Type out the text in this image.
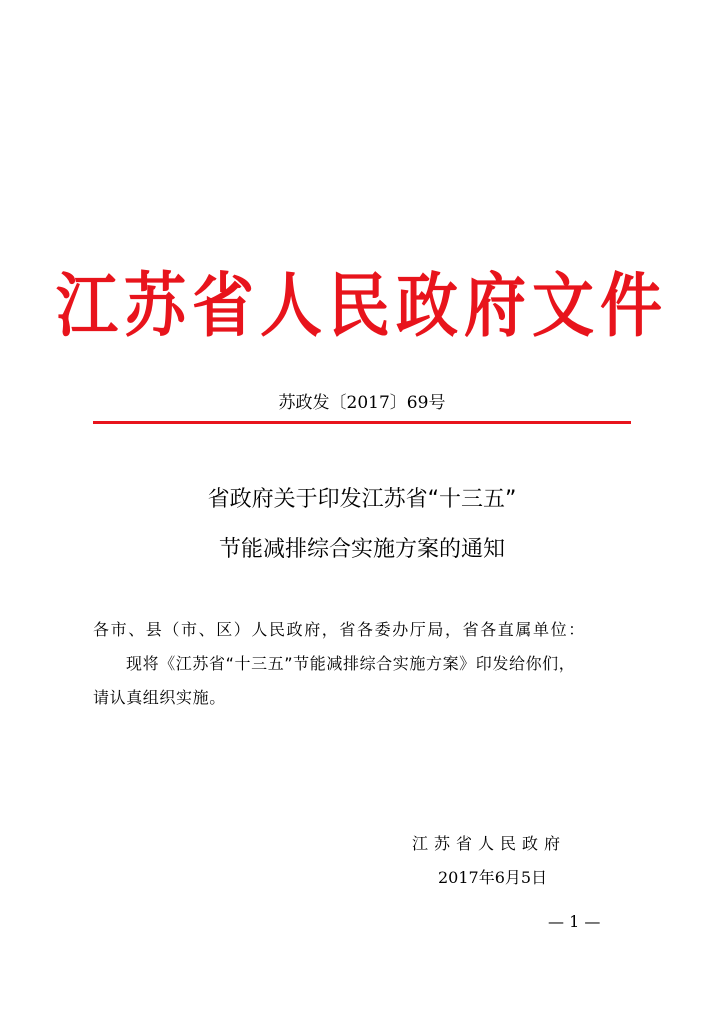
江苏省人民政府文件
苏政发〔2017〕69号
省政府关于印发江苏省“十三五”
节能减排综合实施方案的通知
各市、县（市、区）人民政府，省各委办厅局，省各直属单位：
现将《江苏省“十三五”节能减排综合实施方案》印发给你们，
请认真组织实施。
江苏省人民政府
2017年6月5日
— 1 —
